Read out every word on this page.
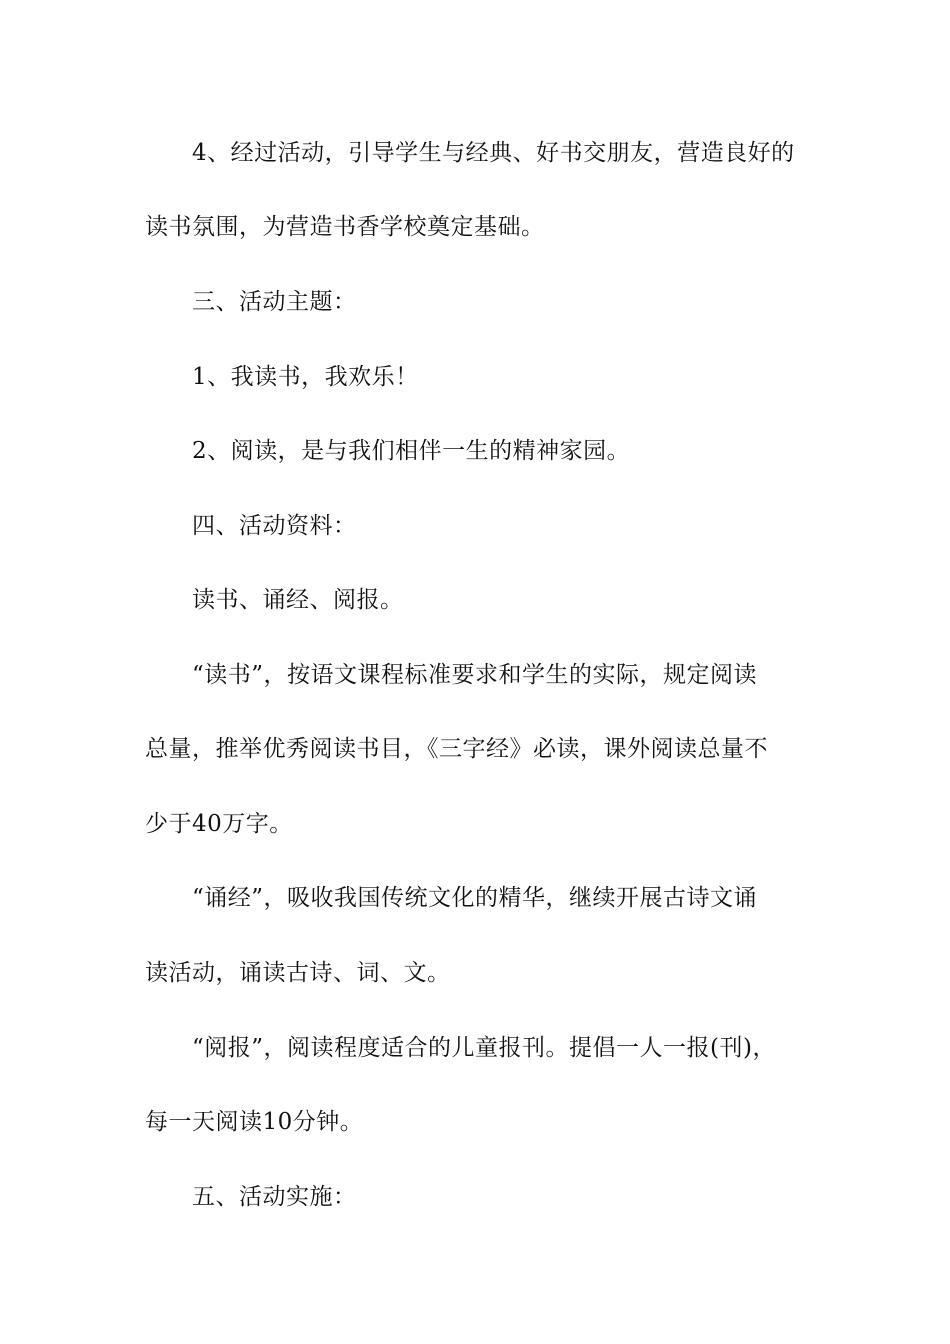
4、经过活动，引导学生与经典、好书交朋友，营造良好的
读书氛围，为营造书香学校奠定基础。
三、活动主题：
1、我读书，我欢乐！
2、阅读，是与我们相伴一生的精神家园。
四、活动资料：
读书、诵经、阅报。
“读书”，按语文课程标准要求和学生的实际，规定阅读
总量，推举优秀阅读书目，《三字经》必读，课外阅读总量不
少于40万字。
“诵经”，吸收我国传统文化的精华，继续开展古诗文诵
读活动，诵读古诗、词、文。
“阅报”，阅读程度适合的儿童报刊。提倡一人一报(刊)，
每一天阅读10分钟。
五、活动实施：
